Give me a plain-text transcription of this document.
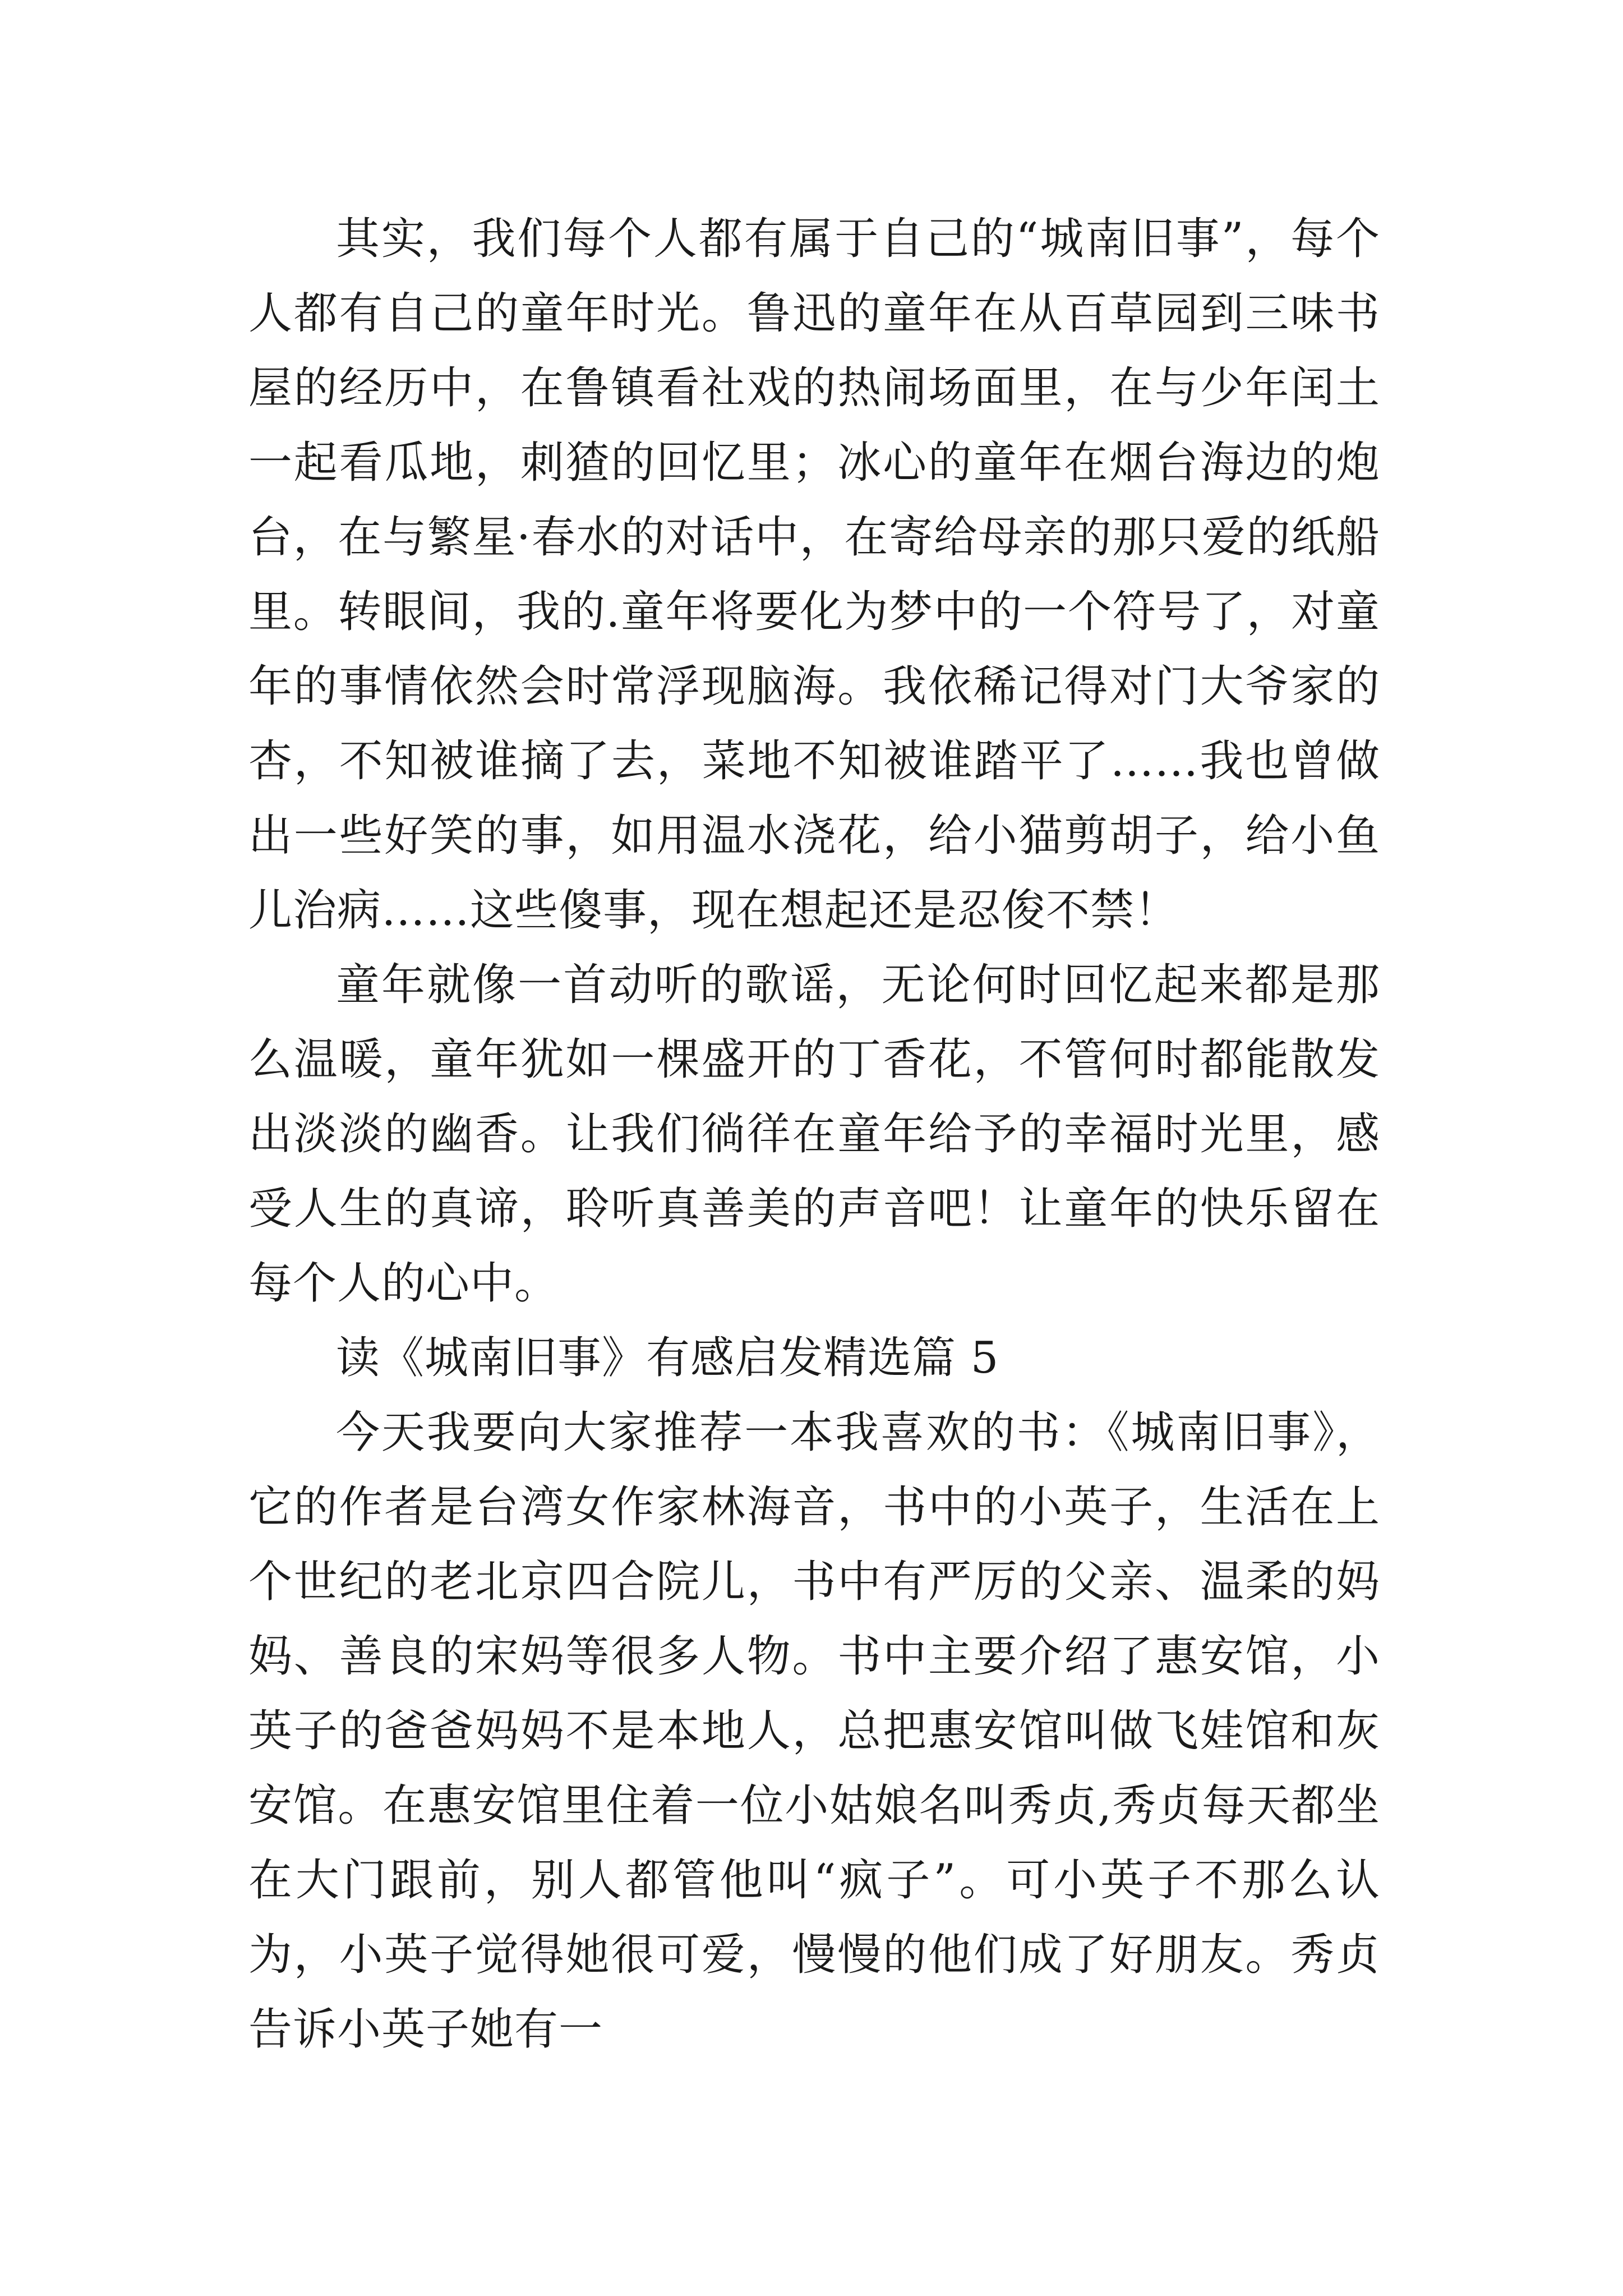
其实，我们每个人都有属于自己的“城南旧事”，每个人都有自己的童年时光。鲁迅的童年在从百草园到三味书屋的经历中，在鲁镇看社戏的热闹场面里，在与少年闰土一起看瓜地，刺猹的回忆里；冰心的童年在烟台海边的炮台，在与繁星·春水的对话中，在寄给母亲的那只爱的纸船里。转眼间，我的.童年将要化为梦中的一个符号了，对童年的事情依然会时常浮现脑海。我依稀记得对门大爷家的杏，不知被谁摘了去，菜地不知被谁踏平了……我也曾做出一些好笑的事，如用温水浇花，给小猫剪胡子，给小鱼儿治病……这些傻事，现在想起还是忍俊不禁！

童年就像一首动听的歌谣，无论何时回忆起来都是那么温暖，童年犹如一棵盛开的丁香花，不管何时都能散发出淡淡的幽香。让我们徜徉在童年给予的幸福时光里，感受人生的真谛，聆听真善美的声音吧！让童年的快乐留在每个人的心中。

读《城南旧事》有感启发精选篇 5

今天我要向大家推荐一本我喜欢的书：《城南旧事》，它的作者是台湾女作家林海音，书中的小英子，生活在上个世纪的老北京四合院儿，书中有严厉的父亲、温柔的妈妈、善良的宋妈等很多人物。书中主要介绍了惠安馆，小英子的爸爸妈妈不是本地人，总把惠安馆叫做飞娃馆和灰安馆。在惠安馆里住着一位小姑娘名叫秀贞,秀贞每天都坐在大门跟前，别人都管他叫“疯子”。可小英子不那么认为，小英子觉得她很可爱，慢慢的他们成了好朋友。秀贞告诉小英子她有一
